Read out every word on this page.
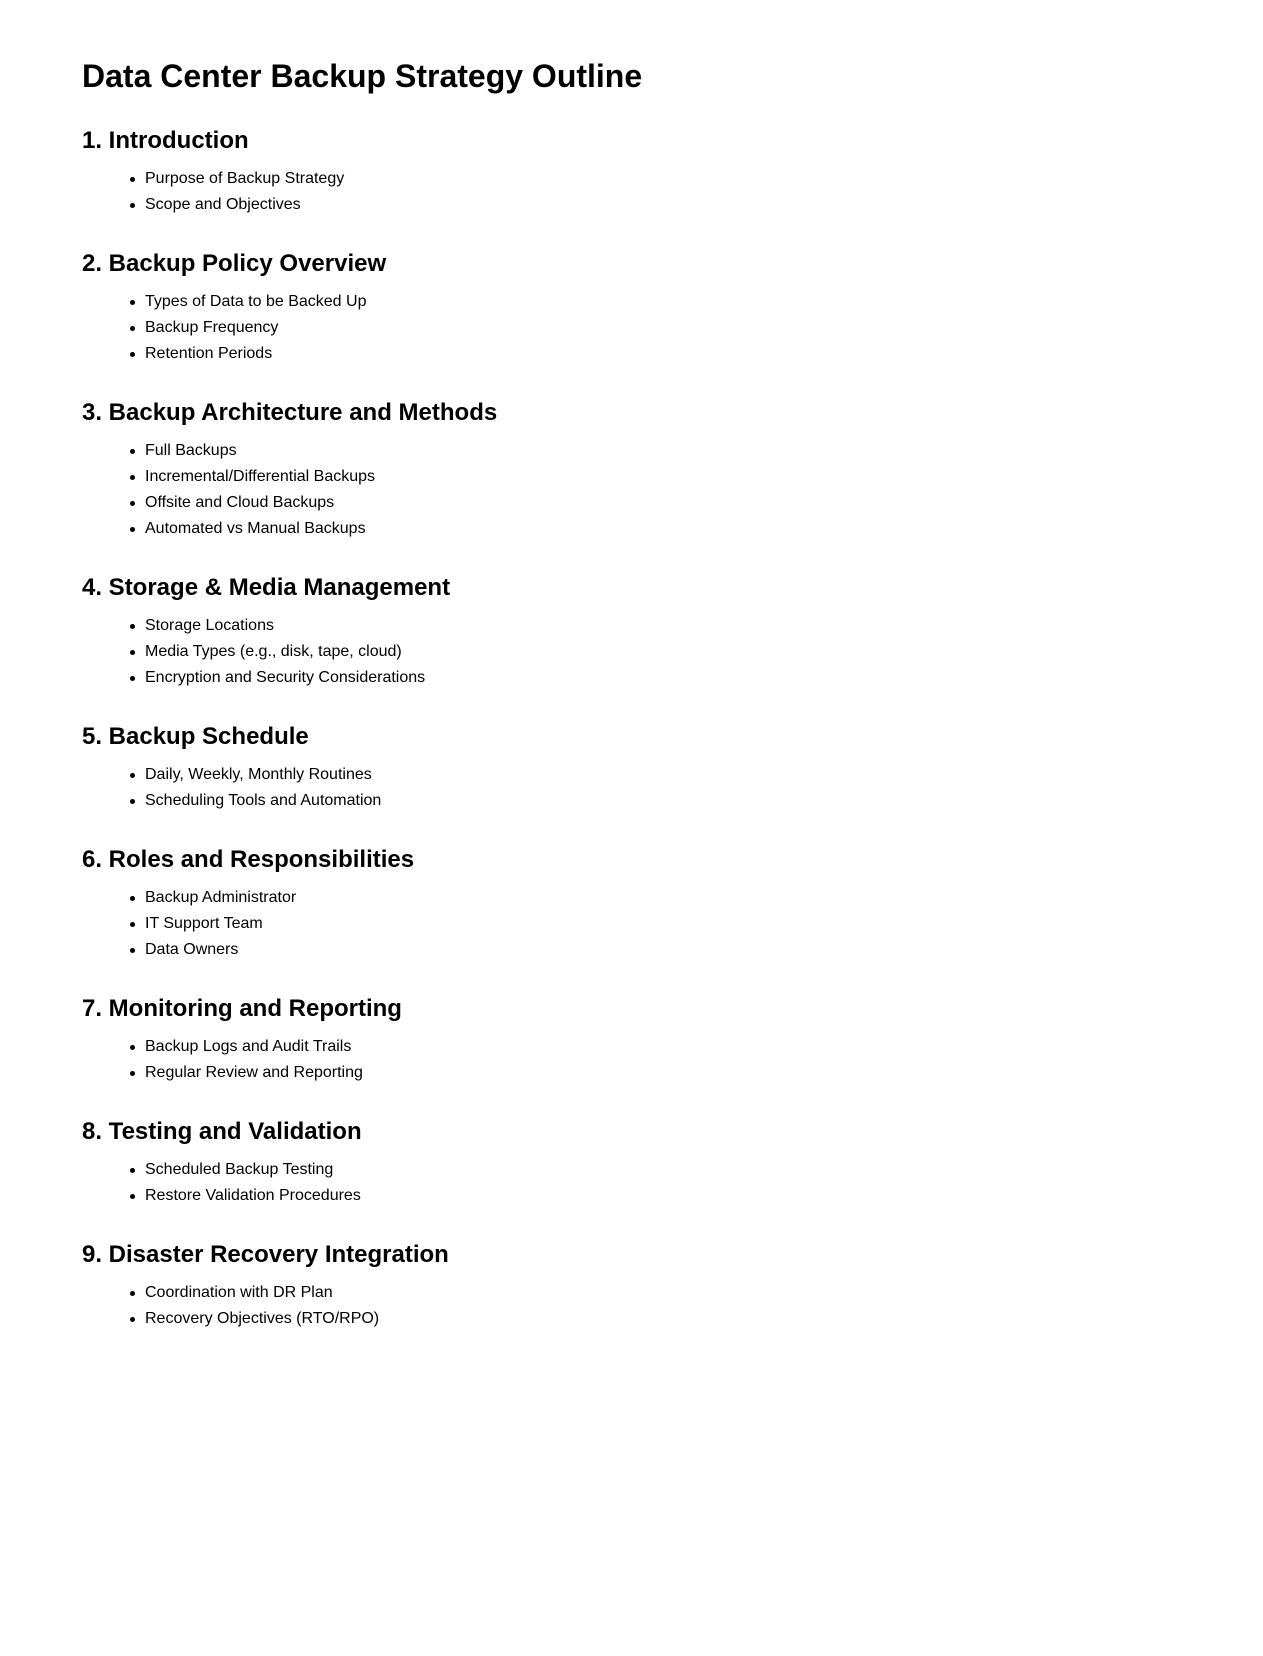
Data Center Backup Strategy Outline
1. Introduction
Purpose of Backup Strategy
Scope and Objectives
2. Backup Policy Overview
Types of Data to be Backed Up
Backup Frequency
Retention Periods
3. Backup Architecture and Methods
Full Backups
Incremental/Differential Backups
Offsite and Cloud Backups
Automated vs Manual Backups
4. Storage & Media Management
Storage Locations
Media Types (e.g., disk, tape, cloud)
Encryption and Security Considerations
5. Backup Schedule
Daily, Weekly, Monthly Routines
Scheduling Tools and Automation
6. Roles and Responsibilities
Backup Administrator
IT Support Team
Data Owners
7. Monitoring and Reporting
Backup Logs and Audit Trails
Regular Review and Reporting
8. Testing and Validation
Scheduled Backup Testing
Restore Validation Procedures
9. Disaster Recovery Integration
Coordination with DR Plan
Recovery Objectives (RTO/RPO)
